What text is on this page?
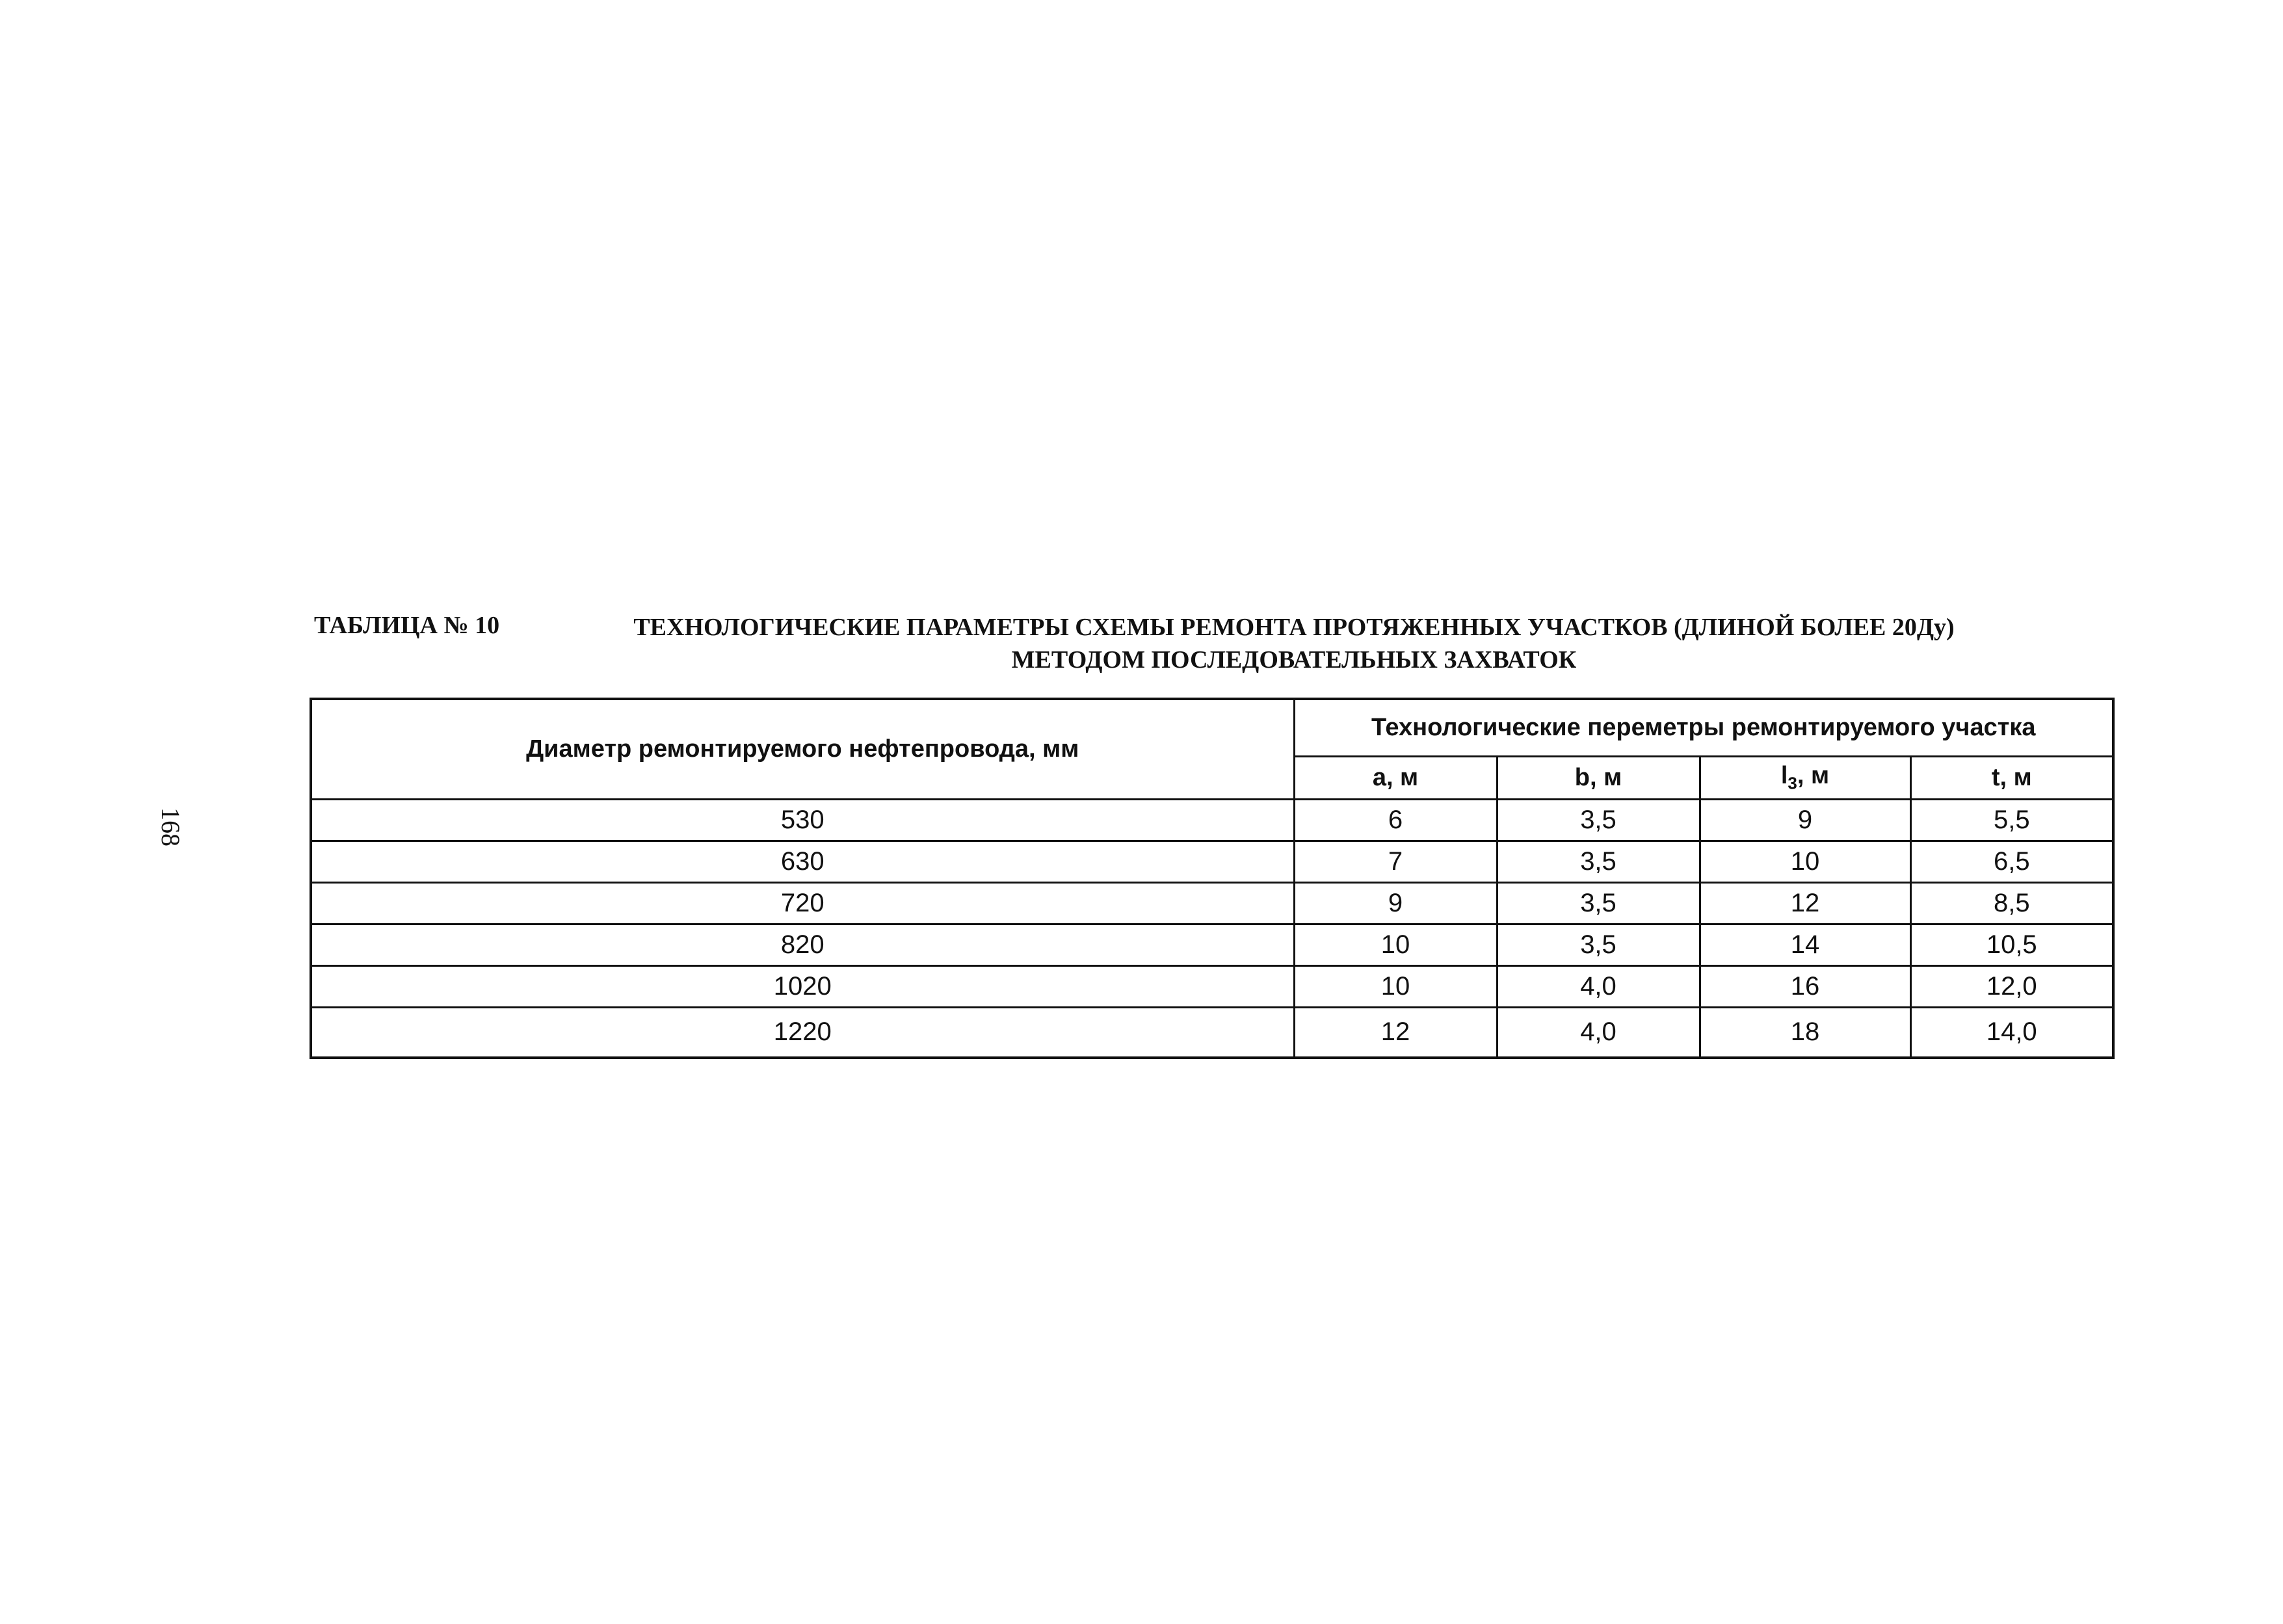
168
ТАБЛИЦА № 10	ТЕХНОЛОГИЧЕСКИЕ ПАРАМЕТРЫ СХЕМЫ РЕМОНТА ПРОТЯЖЕННЫХ УЧАСТКОВ (ДЛИНОЙ БОЛЕЕ 20Ду)
МЕТОДОМ ПОСЛЕДОВАТЕЛЬНЫХ ЗАХВАТОК
Диаметр ремонтируемого нефтепровода, мм	Технологические переметры ремонтируемого участка			
	a, м	b, м	$l_3$, м	t, м
530	6	3,5	9	5,5
630	7	3,5	10	6,5
720	9	3,5	12	8,5
820	10	3,5	14	10,5
1020	10	4,0	16	12,0
1220	12	4,0	18	14,0
